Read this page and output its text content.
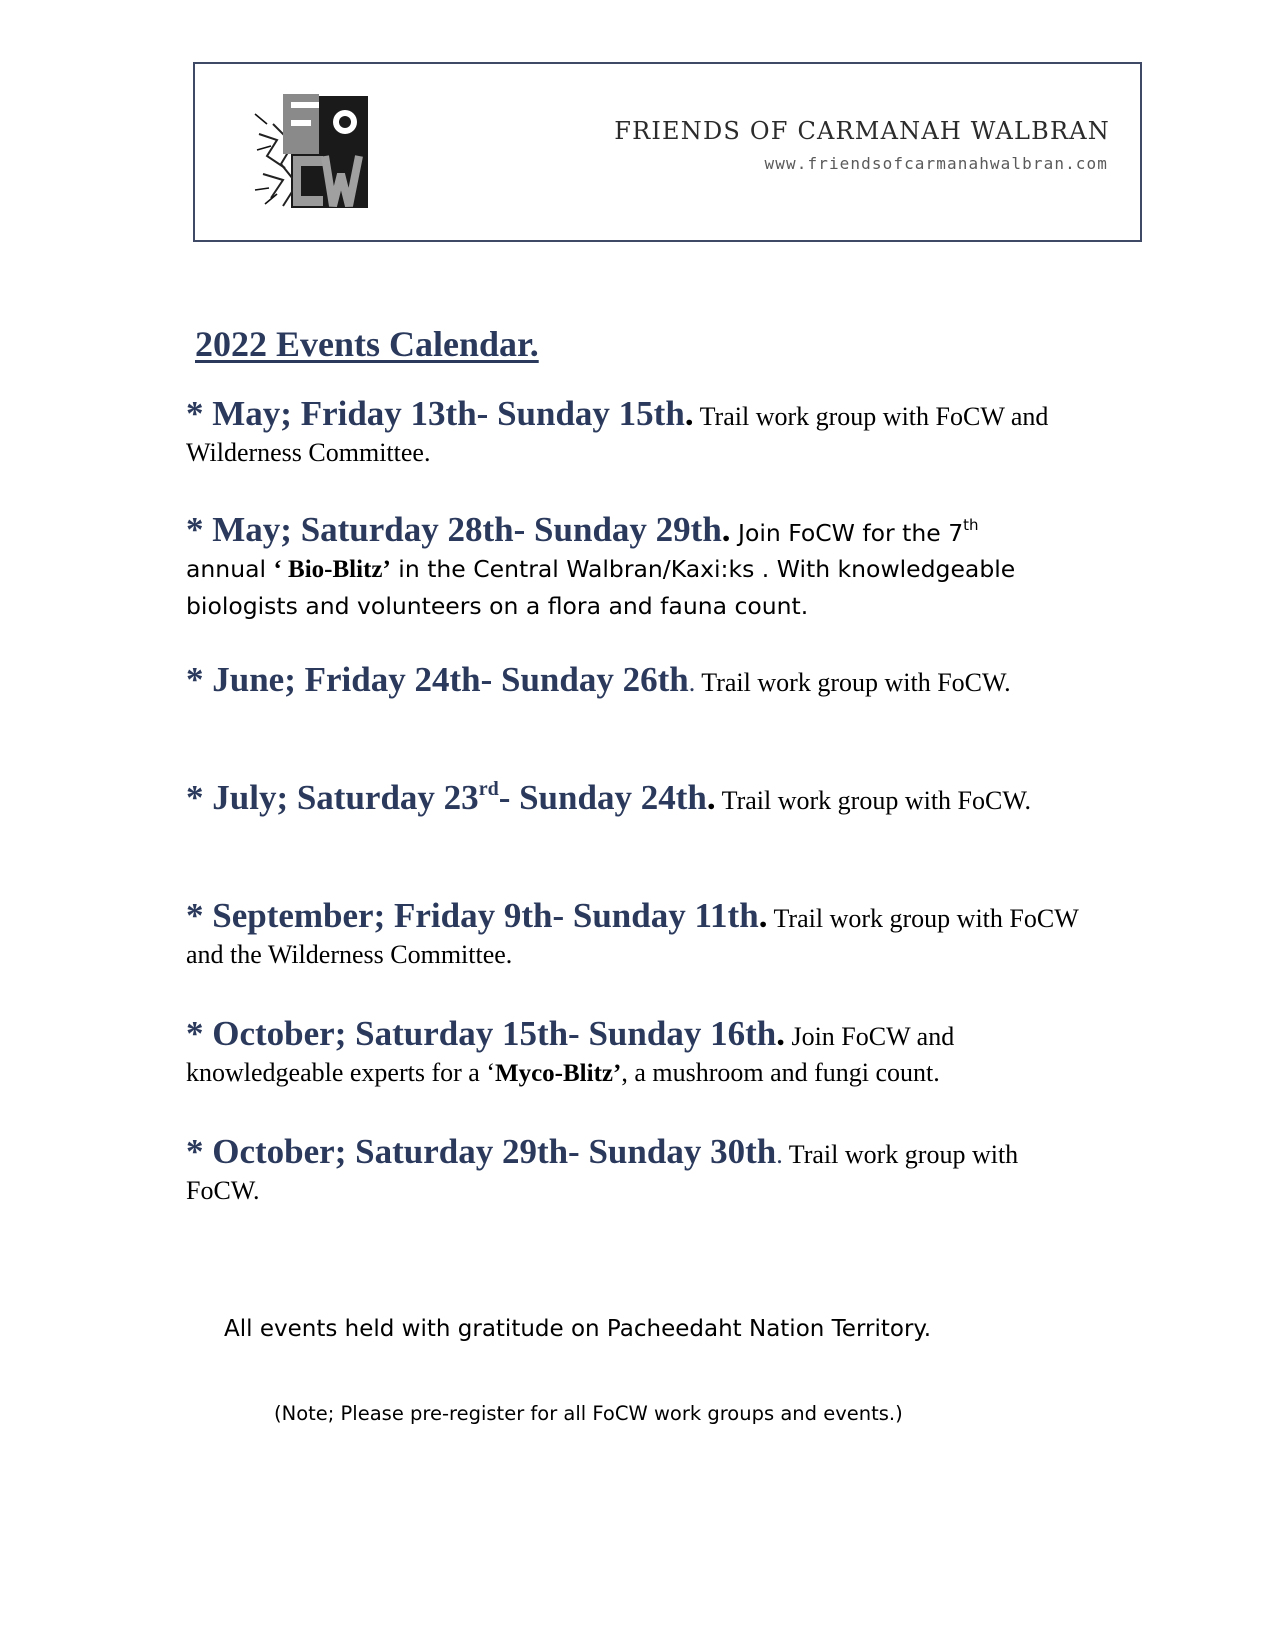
FRIENDS OF CARMANAH WALBRAN
www.friendsofcarmanahwalbran.com
2022 Events Calendar.

* May; Friday 13th- Sunday 15th. Trail work group with FoCW and Wilderness Committee.

* May; Saturday 28th- Sunday 29th. Join FoCW for the 7th
annual ‘ Bio-Blitz’ in the Central Walbran/Kaxi:ks . With knowledgeable biologists and volunteers on a flora and fauna count.

* June; Friday 24th- Sunday 26th. Trail work group with FoCW.

* July; Saturday 23rd- Sunday 24th. Trail work group with FoCW.

* September; Friday 9th- Sunday 11th. Trail work group with FoCW and the Wilderness Committee.

* October; Saturday 15th- Sunday 16th. Join FoCW and knowledgeable experts for a ‘Myco-Blitz’, a mushroom and fungi count.

* October; Saturday 29th- Sunday 30th. Trail work group with FoCW.

All events held with gratitude on Pacheedaht Nation Territory.

(Note; Please pre-register for all FoCW work groups and events.)
